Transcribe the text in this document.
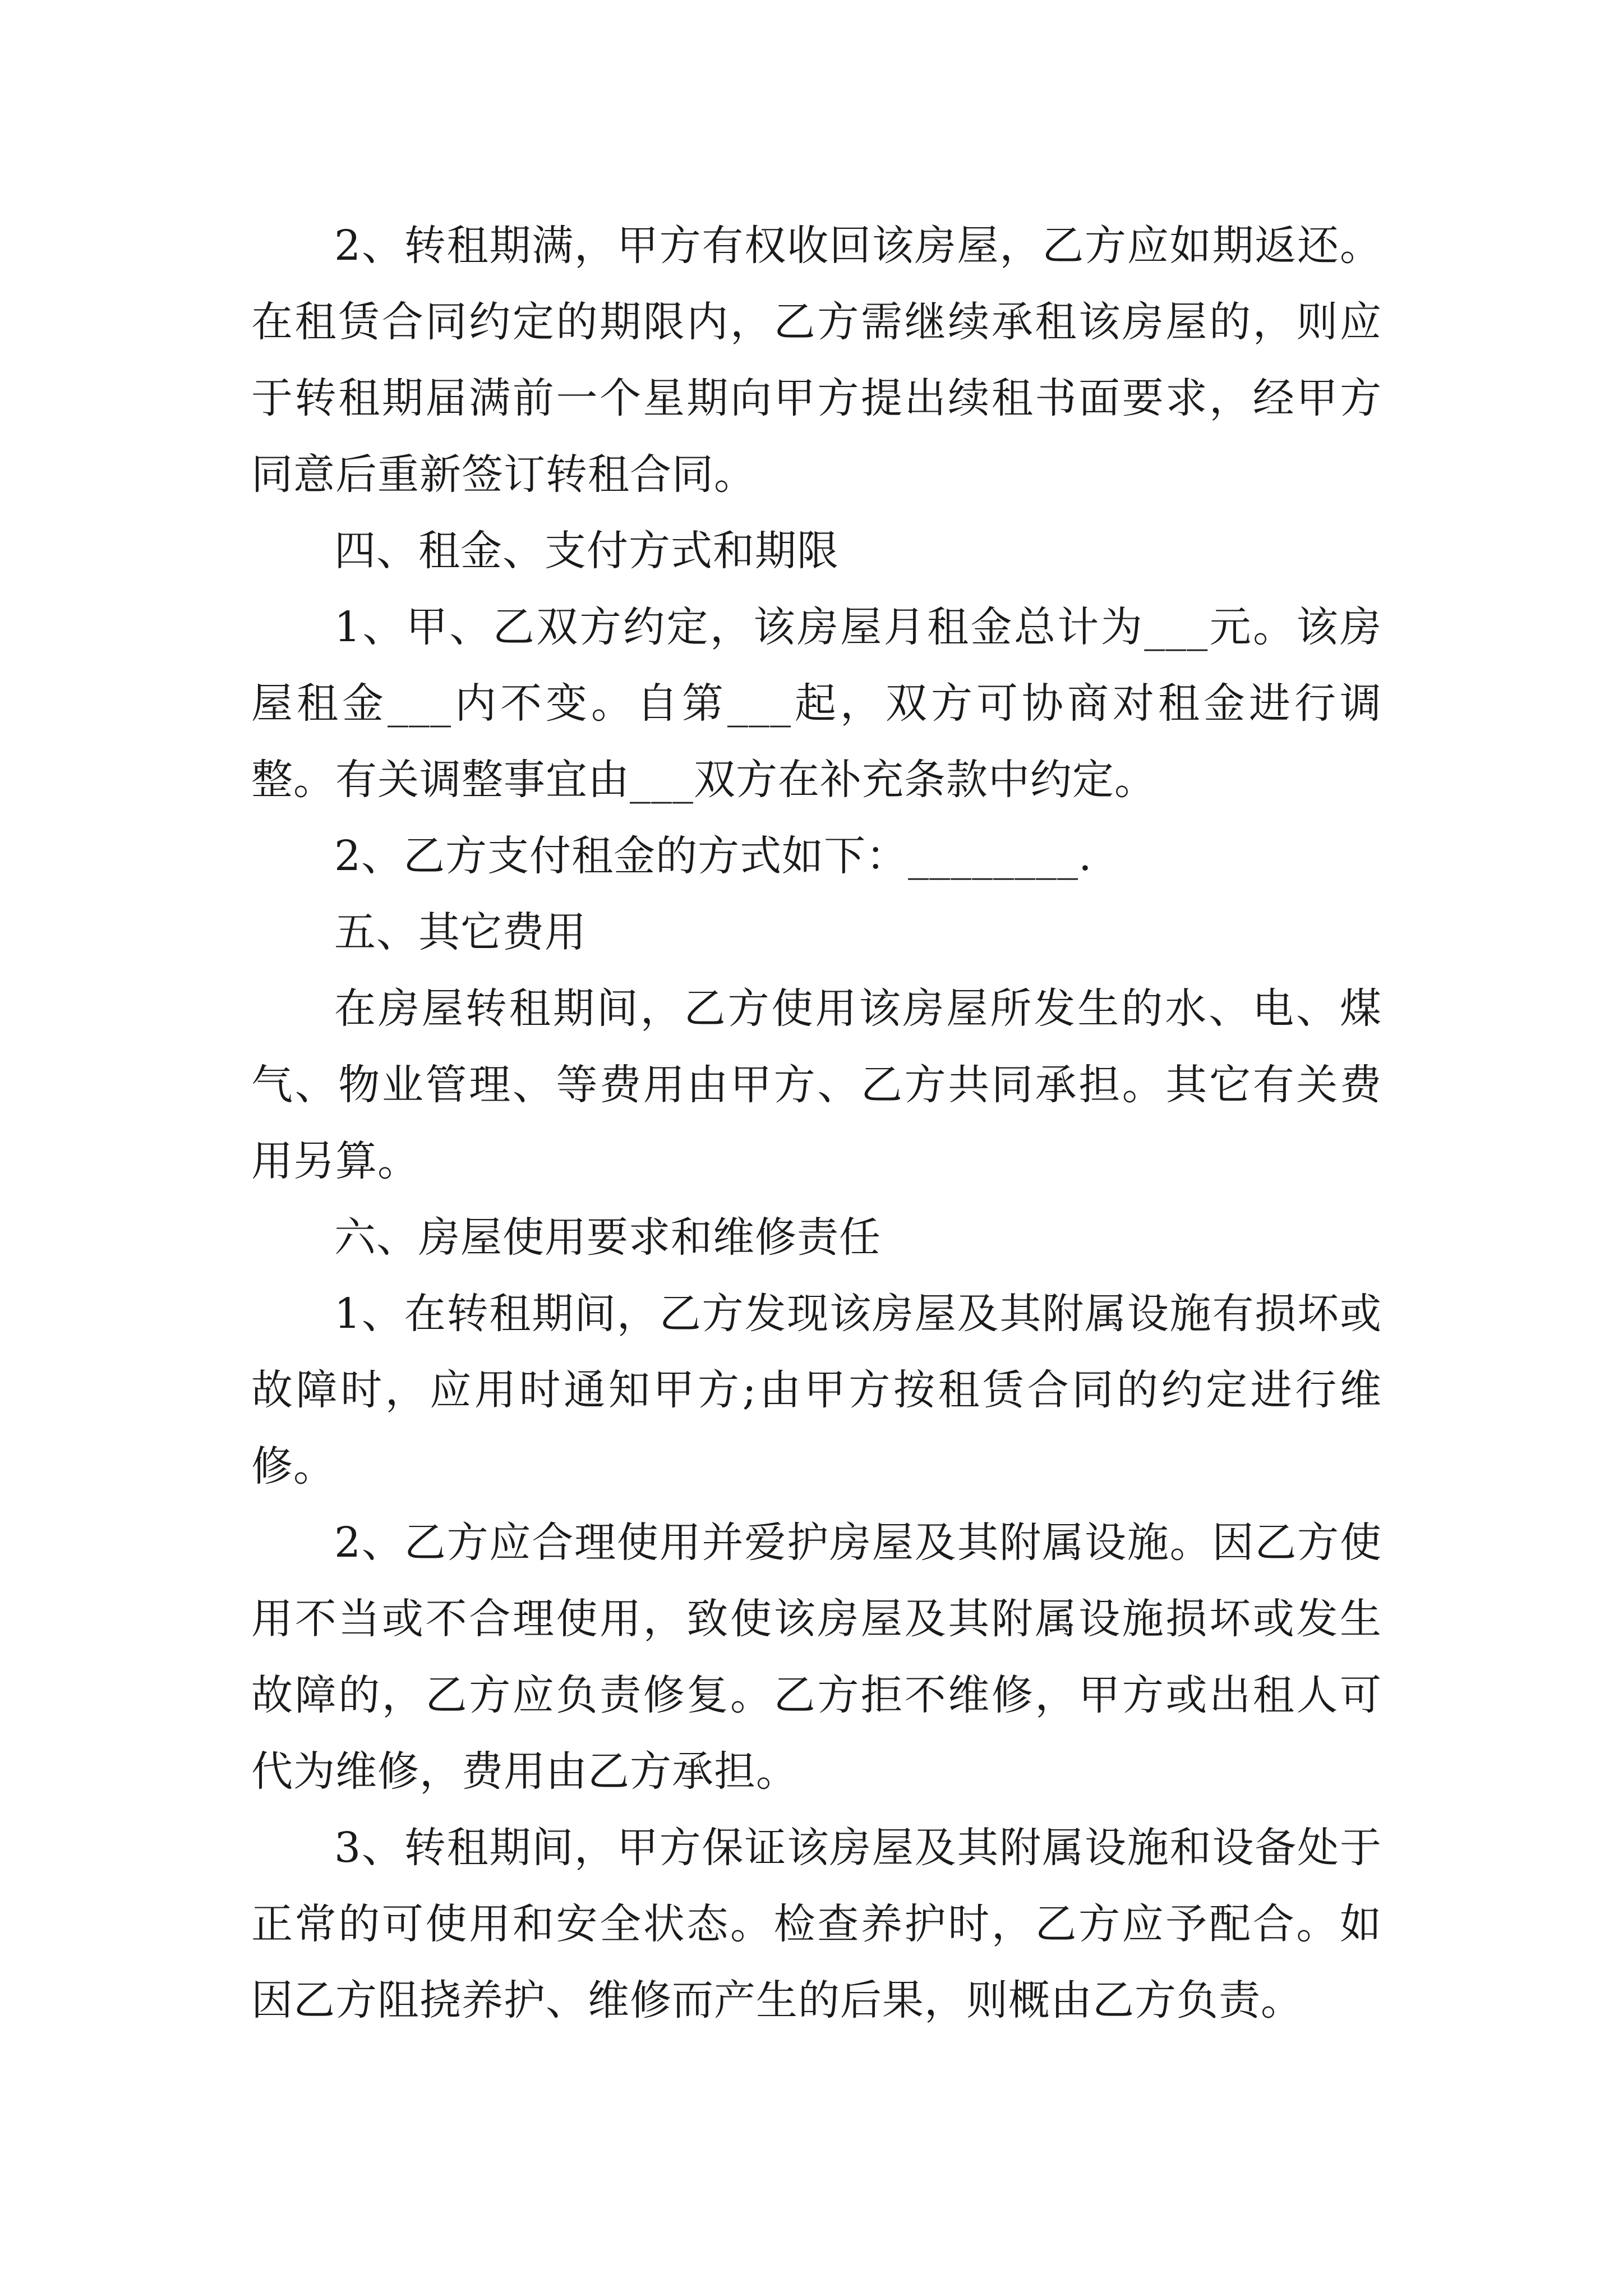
2、转租期满，甲方有权收回该房屋，乙方应如期返还。在租赁合同约定的期限内，乙方需继续承租该房屋的，则应于转租期届满前一个星期向甲方提出续租书面要求，经甲方同意后重新签订转租合同。

四、租金、支付方式和期限

1、甲、乙双方约定，该房屋月租金总计为___元。该房屋租金___内不变。自第___起，双方可协商对租金进行调整。有关调整事宜由___双方在补充条款中约定。

2、乙方支付租金的方式如下：________.

五、其它费用

在房屋转租期间，乙方使用该房屋所发生的水、电、煤气、物业管理、等费用由甲方、乙方共同承担。其它有关费用另算。

六、房屋使用要求和维修责任

1、在转租期间，乙方发现该房屋及其附属设施有损坏或故障时，应用时通知甲方;由甲方按租赁合同的约定进行维修。

2、乙方应合理使用并爱护房屋及其附属设施。因乙方使用不当或不合理使用，致使该房屋及其附属设施损坏或发生故障的，乙方应负责修复。乙方拒不维修，甲方或出租人可代为维修，费用由乙方承担。

3、转租期间，甲方保证该房屋及其附属设施和设备处于正常的可使用和安全状态。检查养护时，乙方应予配合。如因乙方阻挠养护、维修而产生的后果，则概由乙方负责。
